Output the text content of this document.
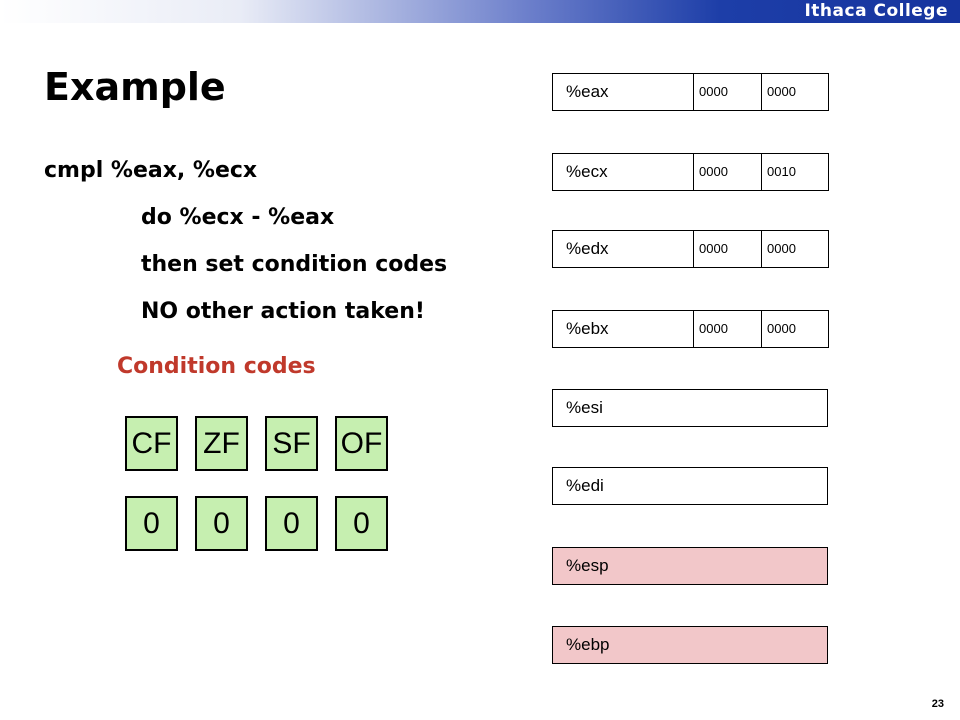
Ithaca College
Example
cmpl %eax, %ecx
do %ecx - %eax
then set condition codes
NO other action taken!
Condition codes
CF ZF SF OF
0	0	0	0
%eax	0000	0000
%ecx	0000	0010
%edx	0000	0000
%ebx	0000	0000
%esi
%edi
%esp
%ebp
23
